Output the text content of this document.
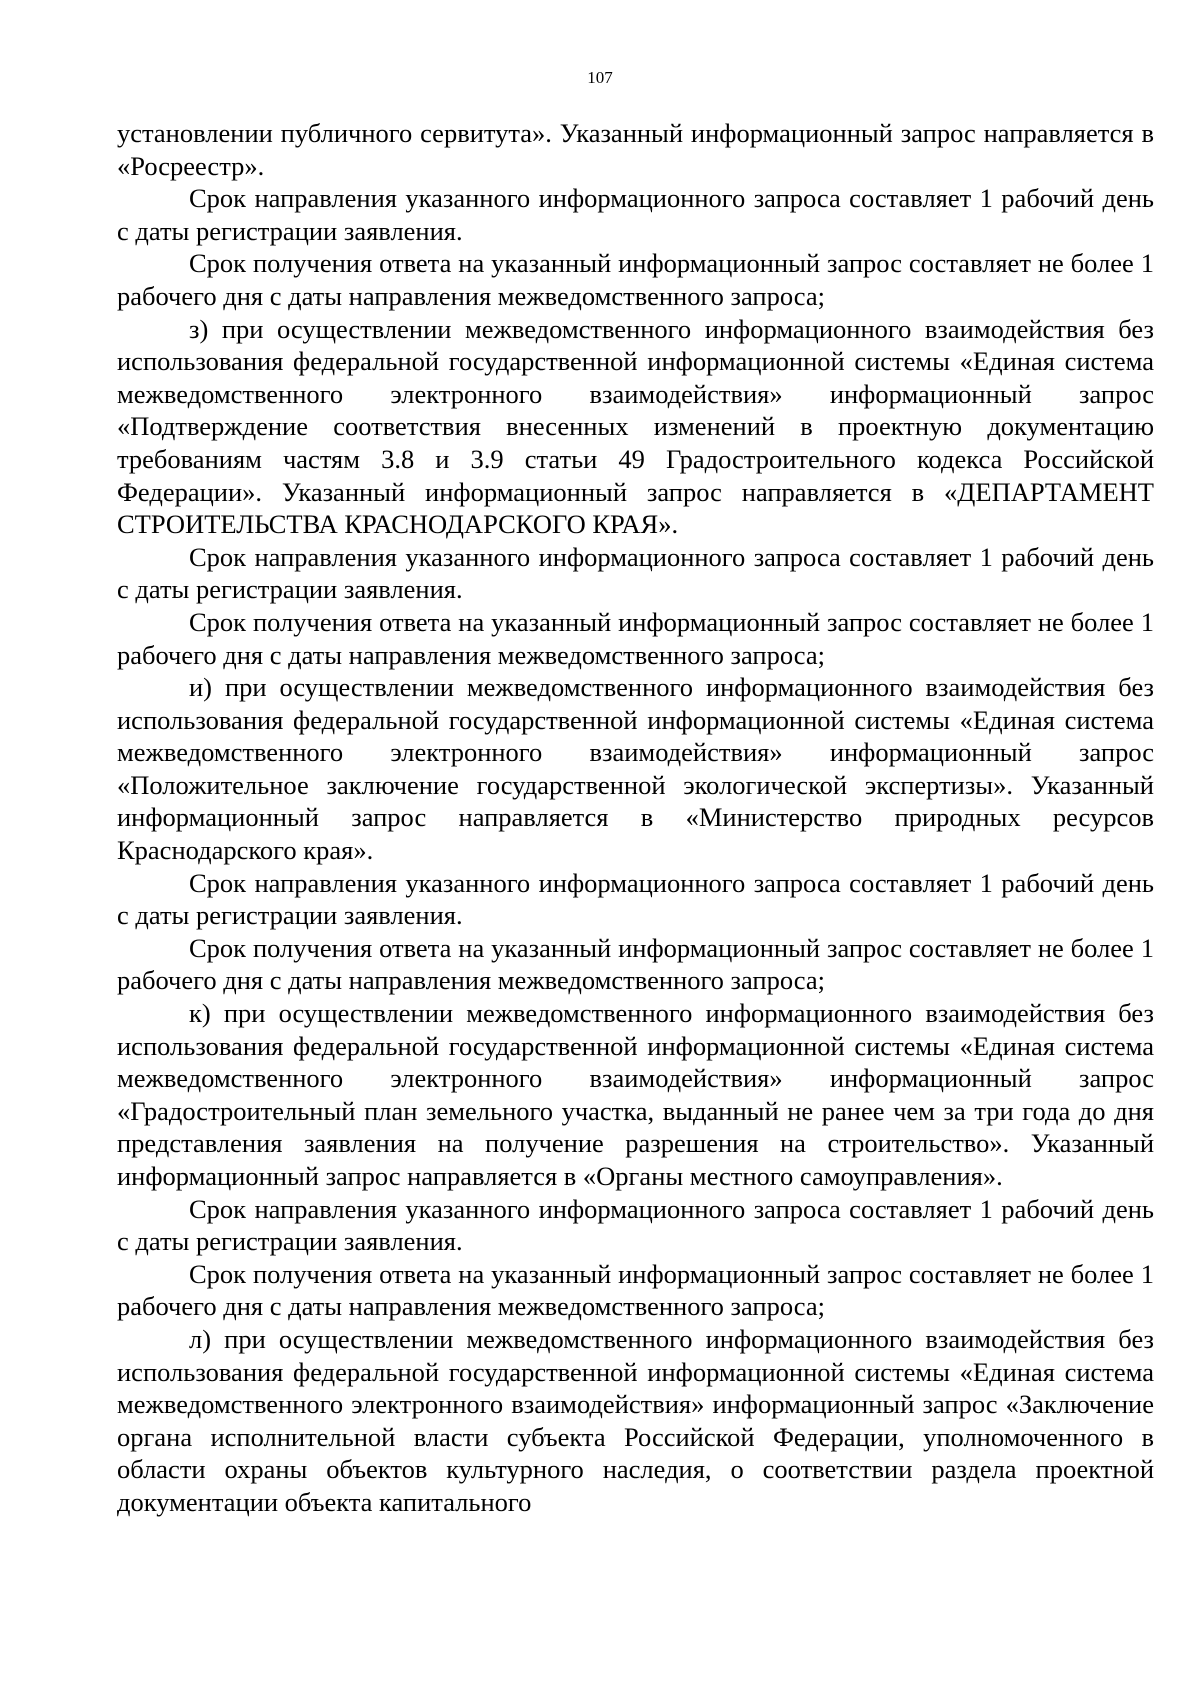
107

установлении публичного сервитута». Указанный информационный запрос направляется в «Росреестр».

Срок направления указанного информационного запроса составляет 1 рабочий день с даты регистрации заявления.

Срок получения ответа на указанный информационный запрос составляет не более 1 рабочего дня с даты направления межведомственного запроса;

з) при осуществлении межведомственного информационного взаимодействия без использования федеральной государственной информационной системы «Единая система межведомственного электронного взаимодействия» информационный запрос «Подтверждение соответствия внесенных изменений в проектную документацию требованиям частям 3.8 и 3.9 статьи 49 Градостроительного кодекса Российской Федерации». Указанный информационный запрос направляется в «ДЕПАРТАМЕНТ СТРОИТЕЛЬСТВА КРАСНОДАРСКОГО КРАЯ».

Срок направления указанного информационного запроса составляет 1 рабочий день с даты регистрации заявления.

Срок получения ответа на указанный информационный запрос составляет не более 1 рабочего дня с даты направления межведомственного запроса;

и) при осуществлении межведомственного информационного взаимодействия без использования федеральной государственной информационной системы «Единая система межведомственного электронного взаимодействия» информационный запрос «Положительное заключение государственной экологической экспертизы». Указанный информационный запрос направляется в «Министерство природных ресурсов Краснодарского края».

Срок направления указанного информационного запроса составляет 1 рабочий день с даты регистрации заявления.

Срок получения ответа на указанный информационный запрос составляет не более 1 рабочего дня с даты направления межведомственного запроса;

к) при осуществлении межведомственного информационного взаимодействия без использования федеральной государственной информационной системы «Единая система межведомственного электронного взаимодействия» информационный запрос «Градостроительный план земельного участка, выданный не ранее чем за три года до дня представления заявления на получение разрешения на строительство». Указанный информационный запрос направляется в «Органы местного самоуправления».

Срок направления указанного информационного запроса составляет 1 рабочий день с даты регистрации заявления.

Срок получения ответа на указанный информационный запрос составляет не более 1 рабочего дня с даты направления межведомственного запроса;

л) при осуществлении межведомственного информационного взаимодействия без использования федеральной государственной информационной системы «Единая система межведомственного электронного взаимодействия» информационный запрос «Заключение органа исполнительной власти субъекта Российской Федерации, уполномоченного в области охраны объектов культурного наследия, о соответствии раздела проектной документации объекта капитального
